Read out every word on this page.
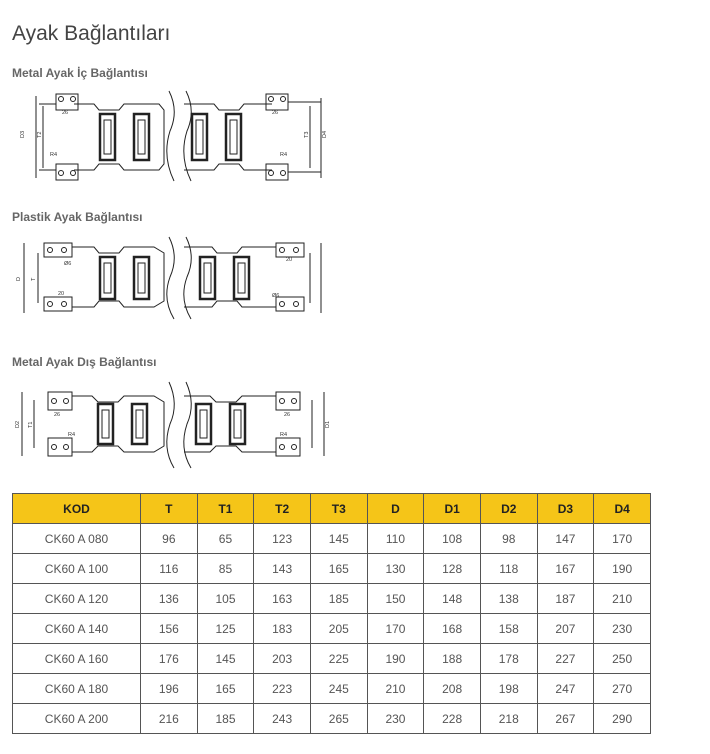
Ayak Bağlantıları
Metal Ayak İç Bağlantısı
D3 T2	D4
T3
26	26
R4	R4
Plastik Ayak Bağlantısı
D T
Ø6
Ø6
20
20
Metal Ayak Dış Bağlantısı
D2 T1	D1
26	26
R4	R4
KOD	T	T1	T2	T3	D	D1	D2	D3	D4
CK60 A 080	96	65	123	145	110	108	98	147	170
CK60 A 100	116	85	143	165	130	128	118	167	190
CK60 A 120	136	105	163	185	150	148	138	187	210
CK60 A 140	156	125	183	205	170	168	158	207	230
CK60 A 160	176	145	203	225	190	188	178	227	250
CK60 A 180	196	165	223	245	210	208	198	247	270
CK60 A 200	216	185	243	265	230	228	218	267	290
